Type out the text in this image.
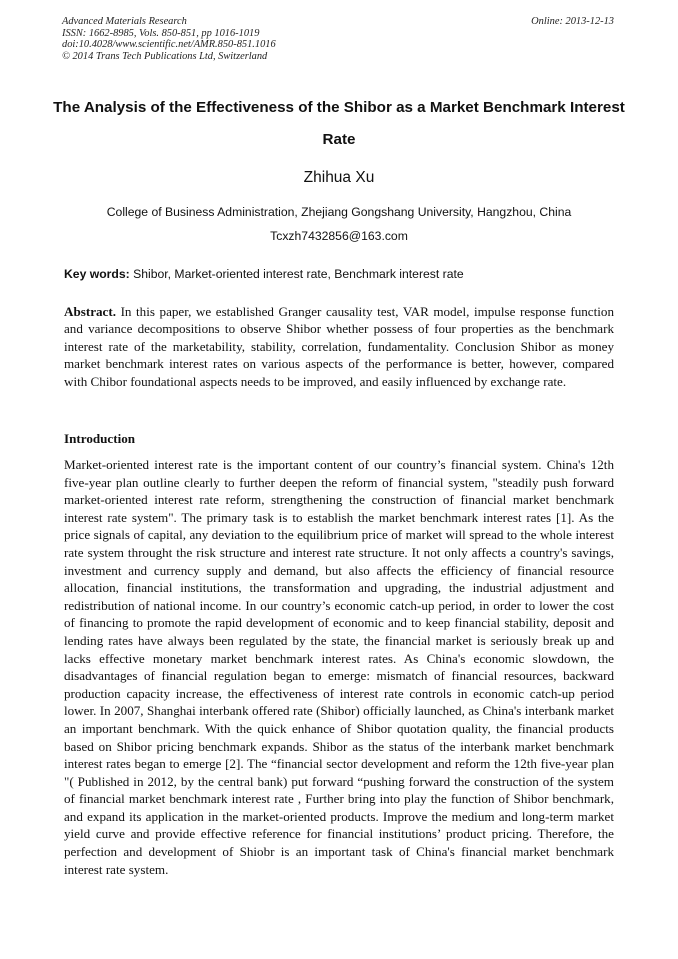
Advanced Materials Research
ISSN: 1662-8985, Vols. 850-851, pp 1016-1019
doi:10.4028/www.scientific.net/AMR.850-851.1016
© 2014 Trans Tech Publications Ltd, Switzerland
Online: 2013-12-13
The Analysis of the Effectiveness of the Shibor as a Market Benchmark Interest Rate
Zhihua Xu
College of Business Administration, Zhejiang Gongshang University, Hangzhou, China
Tcxzh7432856@163.com
Key words: Shibor, Market-oriented interest rate, Benchmark interest rate

Abstract. In this paper, we established Granger causality test, VAR model, impulse response function and variance decompositions to observe Shibor whether possess of four properties as the benchmark interest rate of the marketability, stability, correlation, fundamentality. Conclusion Shibor as money market benchmark interest rates on various aspects of the performance is better, however, compared with Chibor foundational aspects needs to be improved, and easily influenced by exchange rate.

Introduction

Market-oriented interest rate is the important content of our country’s financial system. China's 12th five-year plan outline clearly to further deepen the reform of financial system, "steadily push forward market-oriented interest rate reform, strengthening the construction of financial market benchmark interest rate system". The primary task is to establish the market benchmark interest rates [1]. As the price signals of capital, any deviation to the equilibrium price of market will spread to the whole interest rate system throught the risk structure and interest rate structure. It not only affects a country's savings, investment and currency supply and demand, but also affects the efficiency of financial resource allocation, financial institutions, the transformation and upgrading, the industrial adjustment and redistribution of national income. In our country’s economic catch-up period, in order to lower the cost of financing to promote the rapid development of economic and to keep financial stability, deposit and lending rates have always been regulated by the state, the financial market is seriously break up and lacks effective monetary market benchmark interest rates. As China's economic slowdown, the disadvantages of financial regulation began to emerge: mismatch of financial resources, backward production capacity increase, the effectiveness of interest rate controls in economic catch-up period lower. In 2007, Shanghai interbank offered rate (Shibor) officially launched, as China's interbank market an important benchmark. With the quick enhance of Shibor quotation quality, the financial products based on Shibor pricing benchmark expands. Shibor as the status of the interbank market benchmark interest rates began to emerge [2]. The “financial sector development and reform the 12th five-year plan "( Published in 2012, by the central bank) put forward “pushing forward the construction of the system of financial market benchmark interest rate , Further bring into play the function of Shibor benchmark, and expand its application in the market-oriented products. Improve the medium and long-term market yield curve and provide effective reference for financial institutions’ product pricing. Therefore, the perfection and development of Shiobr is an important task of China's financial market benchmark interest rate system.
